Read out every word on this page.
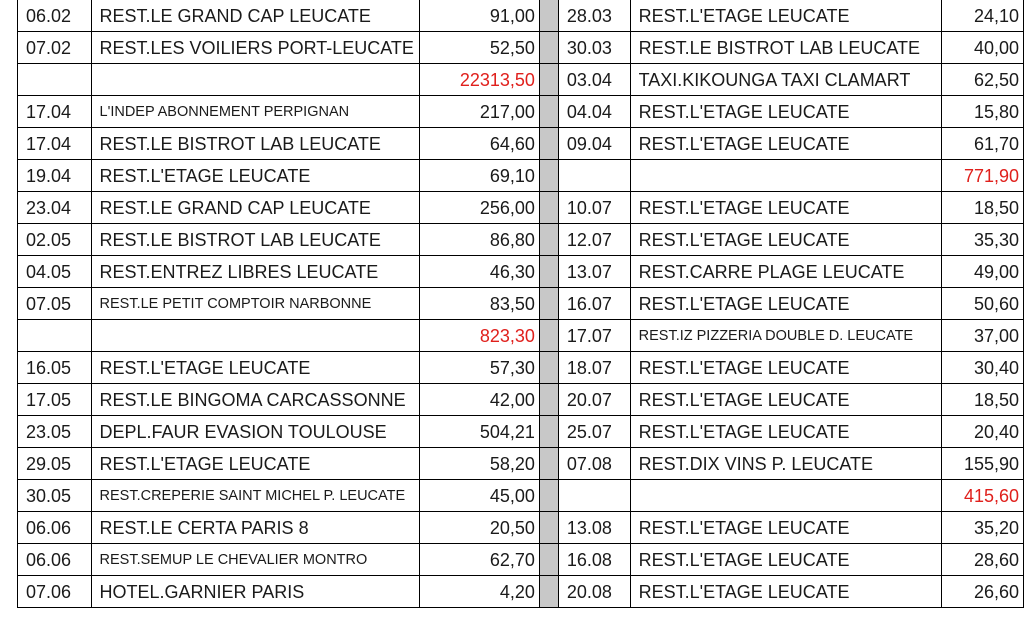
06.02	REST.LE GRAND CAP LEUCATE	91,00		28.03	REST.L'ETAGE LEUCATE	24,10
07.02	REST.LES VOILIERS PORT-LEUCATE	52,50		30.03	REST.LE BISTROT LAB LEUCATE	40,00
		22313,50		03.04	TAXI.KIKOUNGA TAXI CLAMART	62,50
17.04	L'INDEP ABONNEMENT PERPIGNAN	217,00		04.04	REST.L'ETAGE LEUCATE	15,80
17.04	REST.LE BISTROT LAB LEUCATE	64,60		09.04	REST.L'ETAGE LEUCATE	61,70
19.04	REST.L'ETAGE LEUCATE	69,10				771,90
23.04	REST.LE GRAND CAP LEUCATE	256,00		10.07	REST.L'ETAGE LEUCATE	18,50
02.05	REST.LE BISTROT LAB LEUCATE	86,80		12.07	REST.L'ETAGE LEUCATE	35,30
04.05	REST.ENTREZ LIBRES LEUCATE	46,30		13.07	REST.CARRE PLAGE LEUCATE	49,00
07.05	REST.LE PETIT COMPTOIR NARBONNE	83,50		16.07	REST.L'ETAGE LEUCATE	50,60
		823,30		17.07	REST.IZ PIZZERIA DOUBLE D. LEUCATE	37,00
16.05	REST.L'ETAGE LEUCATE	57,30		18.07	REST.L'ETAGE LEUCATE	30,40
17.05	REST.LE BINGOMA CARCASSONNE	42,00		20.07	REST.L'ETAGE LEUCATE	18,50
23.05	DEPL.FAUR EVASION TOULOUSE	504,21		25.07	REST.L'ETAGE LEUCATE	20,40
29.05	REST.L'ETAGE LEUCATE	58,20		07.08	REST.DIX VINS P. LEUCATE	155,90
30.05	REST.CREPERIE SAINT MICHEL P. LEUCATE	45,00				415,60
06.06	REST.LE CERTA PARIS 8	20,50		13.08	REST.L'ETAGE LEUCATE	35,20
06.06	REST.SEMUP LE CHEVALIER MONTRO	62,70		16.08	REST.L'ETAGE LEUCATE	28,60
07.06	HOTEL.GARNIER PARIS	4,20		20.08	REST.L'ETAGE LEUCATE	26,60
